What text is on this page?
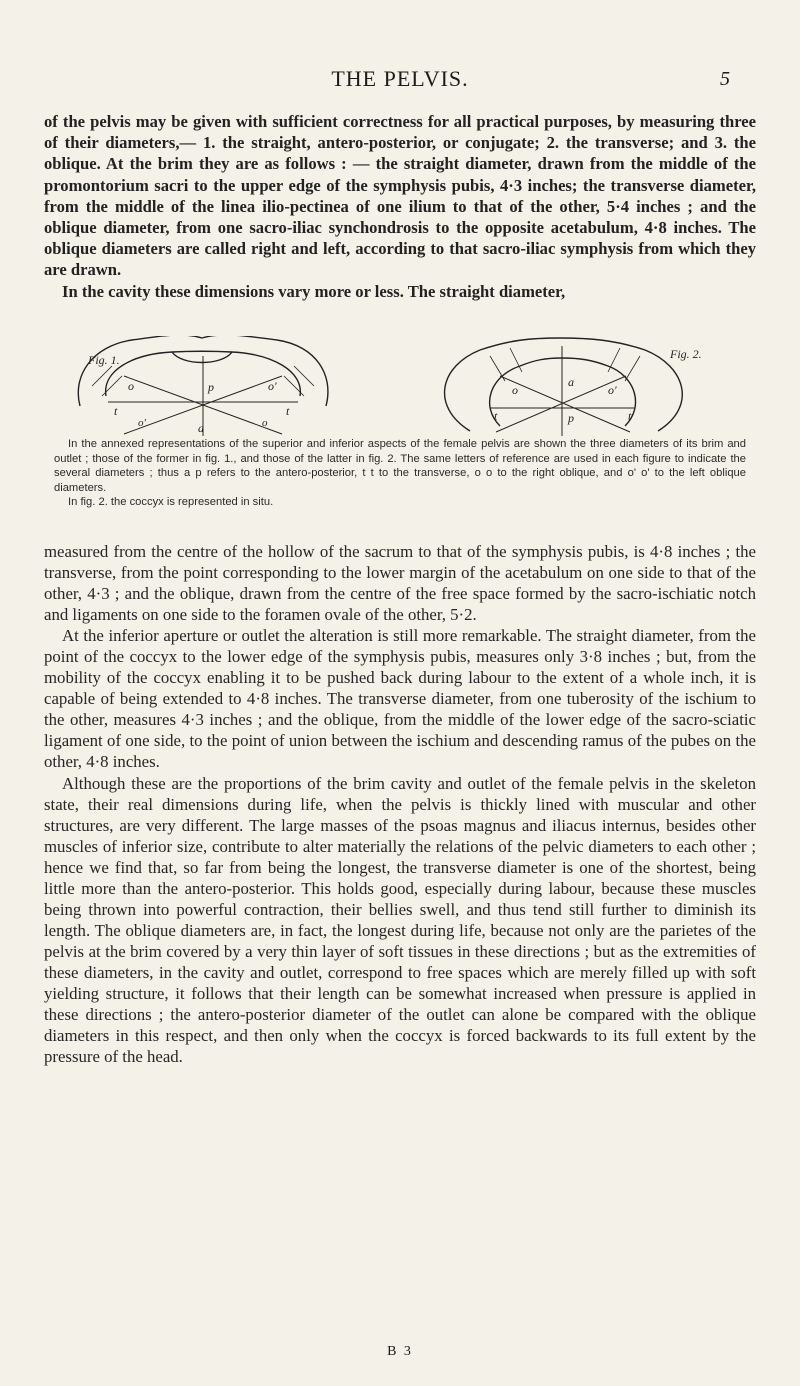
THE PELVIS.	5

of the pelvis may be given with sufficient correctness for all practical purposes, by measuring three of their diameters,— 1. the straight, antero-posterior, or conjugate; 2. the transverse; and 3. the oblique. At the brim they are as follows : — the straight diameter, drawn from the middle of the promontorium sacri to the upper edge of the symphysis pubis, 4·3 inches; the transverse diameter, from the middle of the linea ilio-pectinea of one ilium to that of the other, 5·4 inches ; and the oblique diameter, from one sacro-iliac synchondrosis to the opposite acetabulum, 4·8 inches. The oblique diameters are called right and left, according to that sacro-iliac symphysis from which they are drawn.

In the cavity these dimensions vary more or less. The straight diameter,

Fig. 1.
p
t	t
o	o'
Fig. 2.
a
t	t
o	o'
a	o
o'	p

In the annexed representations of the superior and inferior aspects of the female pelvis are shown the three diameters of its brim and outlet ; those of the former in fig. 1., and those of the latter in fig. 2. The same letters of reference are used in each figure to indicate the several diameters ; thus a p refers to the antero-posterior, t t to the transverse, o o to the right oblique, and o' o' to the left oblique diameters.

In fig. 2. the coccyx is represented in situ.

measured from the centre of the hollow of the sacrum to that of the symphysis pubis, is 4·8 inches ; the transverse, from the point corresponding to the lower margin of the acetabulum on one side to that of the other, 4·3 ; and the oblique, drawn from the centre of the free space formed by the sacro-ischiatic notch and ligaments on one side to the foramen ovale of the other, 5·2.

At the inferior aperture or outlet the alteration is still more remarkable. The straight diameter, from the point of the coccyx to the lower edge of the symphysis pubis, measures only 3·8 inches ; but, from the mobility of the coccyx enabling it to be pushed back during labour to the extent of a whole inch, it is capable of being extended to 4·8 inches. The transverse diameter, from one tuberosity of the ischium to the other, measures 4·3 inches ; and the oblique, from the middle of the lower edge of the sacro-sciatic ligament of one side, to the point of union between the ischium and descending ramus of the pubes on the other, 4·8 inches.

Although these are the proportions of the brim cavity and outlet of the female pelvis in the skeleton state, their real dimensions during life, when the pelvis is thickly lined with muscular and other structures, are very different. The large masses of the psoas magnus and iliacus internus, besides other muscles of inferior size, contribute to alter materially the relations of the pelvic diameters to each other ; hence we find that, so far from being the longest, the transverse diameter is one of the shortest, being little more than the antero-posterior. This holds good, especially during labour, because these muscles being thrown into powerful contraction, their bellies swell, and thus tend still further to diminish its length. The oblique diameters are, in fact, the longest during life, because not only are the parietes of the pelvis at the brim covered by a very thin layer of soft tissues in these directions ; but as the extremities of these diameters, in the cavity and outlet, correspond to free spaces which are merely filled up with soft yielding structure, it follows that their length can be somewhat increased when pressure is applied in these directions ; the antero-posterior diameter of the outlet can alone be compared with the oblique diameters in this respect, and then only when the coccyx is forced backwards to its full extent by the pressure of the head.

B 3
